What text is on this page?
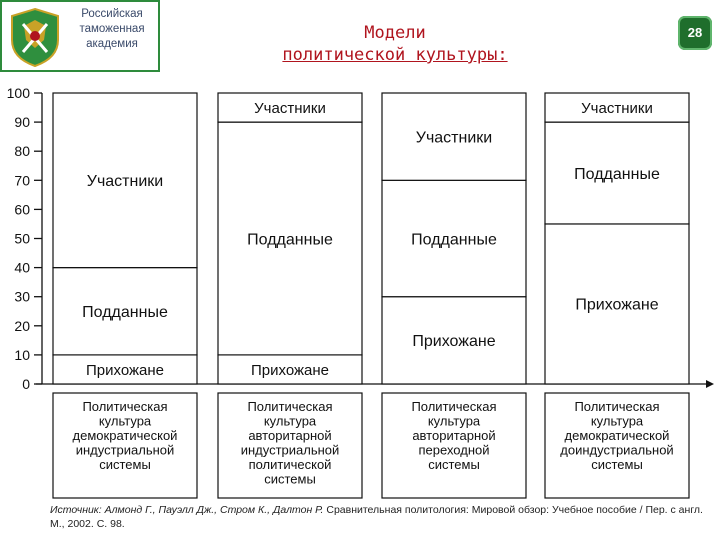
Российская таможенная академия
Модели
политической культуры:
28
0
10
20
30
40
50
60
70
80
90
100
Прихожане
Подданные
Участники
Прихожане
Подданные
Участники
Прихожане
Подданные
Участники
Прихожане
Подданные
Участники
Политическая культура демократической индустриальной системы
Политическая культура авторитарной индустриальной политической системы
Политическая культура авторитарной переходной системы
Политическая культура демократической доиндустриальной системы
Источник: Алмонд Г., Пауэлл Дж., Стром К., Далтон Р. Сравнительная политология: Мировой обзор: Учебное пособие / Пер. с англ. М., 2002. С. 98.
